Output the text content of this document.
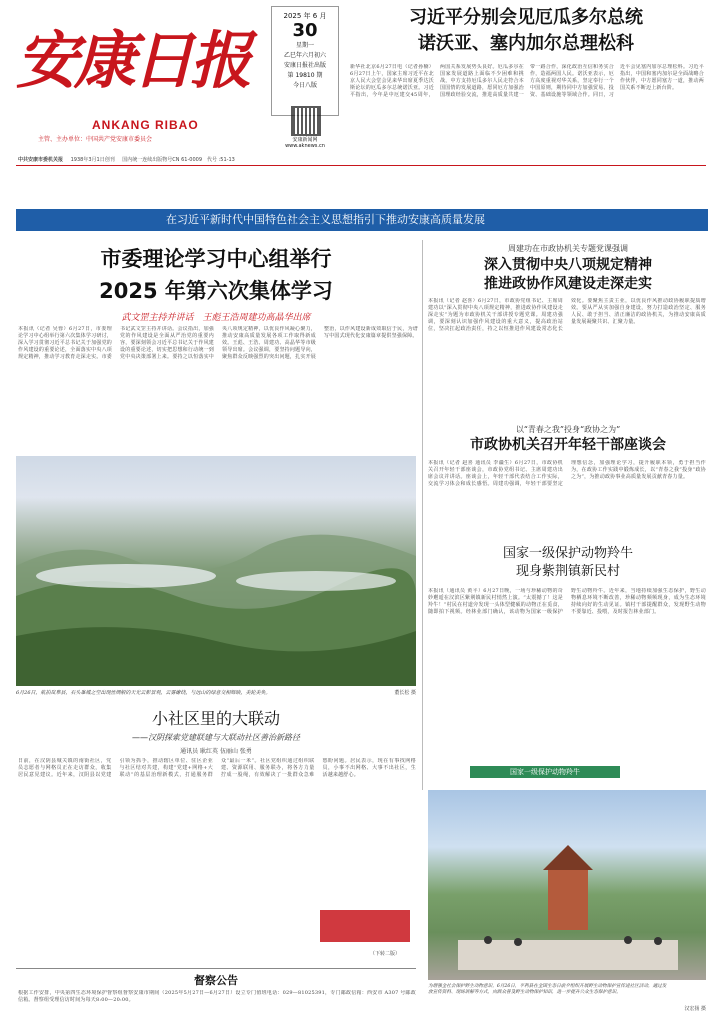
安康日报
ANKANG RIBAO
主管、主办单位：中国共产党安康市委员会
2025 年 6 月
30
星期一
乙巳年六月初六
安康日报社出版
第 19810 期
今日八版
安康新闻网
www.aknews.cn
习近平分别会见厄瓜多尔总统
诺沃亚、塞内加尔总理松科
新华社北京6月27日电（记者孙楠）6月27日上午，国家主席习近平在北京人民大会堂会见来华出席夏季达沃斯论坛的厄瓜多尔总统诺沃亚。习近平指出，今年是中厄建交45周年，两国关系发展势头良好。厄瓜多尔在国家发展道路上面临不少困难和挑战，中方支持厄瓜多尔人民走符合本国国情的发展道路，愿同厄方加强治国理政经验交流，推进高质量共建一带一路合作，深化政治互信和务实合作，造福两国人民。诺沃亚表示，厄方高度重视对华关系，坚定奉行一个中国原则，期待同中方加强贸易、投资、基础设施等领域合作。同日，习近平会见塞内加尔总理松科。习近平指出，中国和塞内加尔是全面战略合作伙伴，中方愿同塞方一道，推动两国关系不断迈上新台阶。
中共安康市委机关报 1938年3月1日创刊 国内统一连续出版物号CN 61-0009　代号 :51-13
在习近平新时代中国特色社会主义思想指引下推动安康高质量发展
市委理论学习中心组举行
2025 年第六次集体学习
武文罡主持并讲话　王彪王浩周建功高晶华出席
本报讯（记者 吴蓉）6月27日，市委理论学习中心组举行第六次集体学习研讨，深入学习贯彻习近平总书记关于加强党的作风建设的重要论述，全面落实中央八项规定精神，推动学习教育走深走实。市委书记武文罡主持并讲话。会议指出，加强党的作风建设是全面从严治党的重要内容，要深刻领会习近平总书记关于作风建设的重要论述，切实把思想和行动统一到党中央决策部署上来。要持之以恒落实中央八项规定精神，以优良作风凝心聚力，推动安康高质量发展各项工作取得新成效。王彪、王浩、周建功、高晶华等市级领导出席。会议强调，要坚持问题导向，聚焦群众反映强烈的突出问题，扎实开展整治，以作风建设新成效取信于民，为谱写中国式现代化安康篇章提供坚强保障。
周建功在市政协机关专题党课强调
深入贯彻中央八项规定精神
推进政协作风建设走深走实
本报讯（记者 赵喜）6月27日，市政协党组书记、主席周建功以“深入贯彻中央八项规定精神，推进政协作风建设走深走实”为题为市政协机关干部讲授专题党课。周建功强调，要深刻认识加强作风建设的重大意义，提高政治站位，坚决扛起政治责任，持之以恒推进作风建设常态化长效化。要聚焦主责主业，以优良作风推动政协履职提质增效。要从严从实加强自身建设，努力打造政治坚定、服务人民、敢于担当、清正廉洁的政协机关，为推动安康高质量发展凝聚共识、汇聚力量。
以“青春之我”投身“政协之为”
市政协机关召开年轻干部座谈会
本报讯（记者 赵喜 通讯员 李疆生）6月27日，市政协机关召开年轻干部座谈会，市政协党组书记、主席周建功出席会议并讲话。座谈会上，年轻干部代表结合工作实际，交流学习体会和成长感悟。周建功强调，年轻干部要坚定理想信念，加强理论学习，提升履职本领，勇于担当作为，在政协工作实践中锻炼成长，以“青春之我”投身“政协之为”，为推动政协事业高质量发展贡献青春力量。
国家一级保护动物羚牛
现身紫荆镇新民村
本报讯（通讯员 黄平）6月27日晚，一场与珍稀动物的奇妙邂逅在汉滨区紫荆镇新民村悄然上演。“太震撼了！这是羚牛！”村民在村道旁发现一头体型健硕的动物正在觅食，随即拍下视频。经林业部门确认，该动物为国家一级保护野生动物羚牛。近年来，当地持续加强生态保护，野生动物栖息环境不断改善，珍稀动物频频现身，成为生态环境持续向好的生动见证。镇村干部提醒群众，发现野生动物不要靠近、投喂，及时报告林业部门。
国家一级保护动物羚牛
6月26日，航拍岚皋县，石头峯城之空出现丝绸般的天光云影景观，云雾缭绕，与远山的绿意交相辉映，美轮美奂。	董长松 摄
小社区里的大联动
——汉阴探索党建联建与大联动社区善治新路径
通讯员 耿红英 伍丽山 张勇
日前，在汉阴县城关镇的南街社区，党员志愿者与网格员正在走访群众，收集居民意见建议。近年来，汉阴县以党建引领为抓手，推动辖区单位、驻区企业与社区结对共建，构建“党建+网格+大联动”的基层治理新模式，打通服务群众“最后一米”。社区党组织通过组织联建、资源联用、服务联办，将各方力量拧成一股绳，有效解决了一批群众急难愁盼问题。居民表示，现在有事找网格员，小事不出网格、大事不出社区，生活越来越舒心。
（下转二版）
为增强全社会保护野生动物意识，6月26日，平利县在全国生态日前夕组织开展野生动物保护宣传进社区活动，通过发放宣传资料、现场讲解等方式，向群众普及野生动物保护知识，进一步提升公众生态保护意识。
汉宏扬 摄
督察公告
根据工作安排，中央第四生态环境保护督察组督察安康市期间（2025年5月27日—6月27日）设立专门值班电话：029—81025391，专门邮政信箱：西安市 A307 号邮政信箱。督察组受理信访时间为每天8:00—20:00。
